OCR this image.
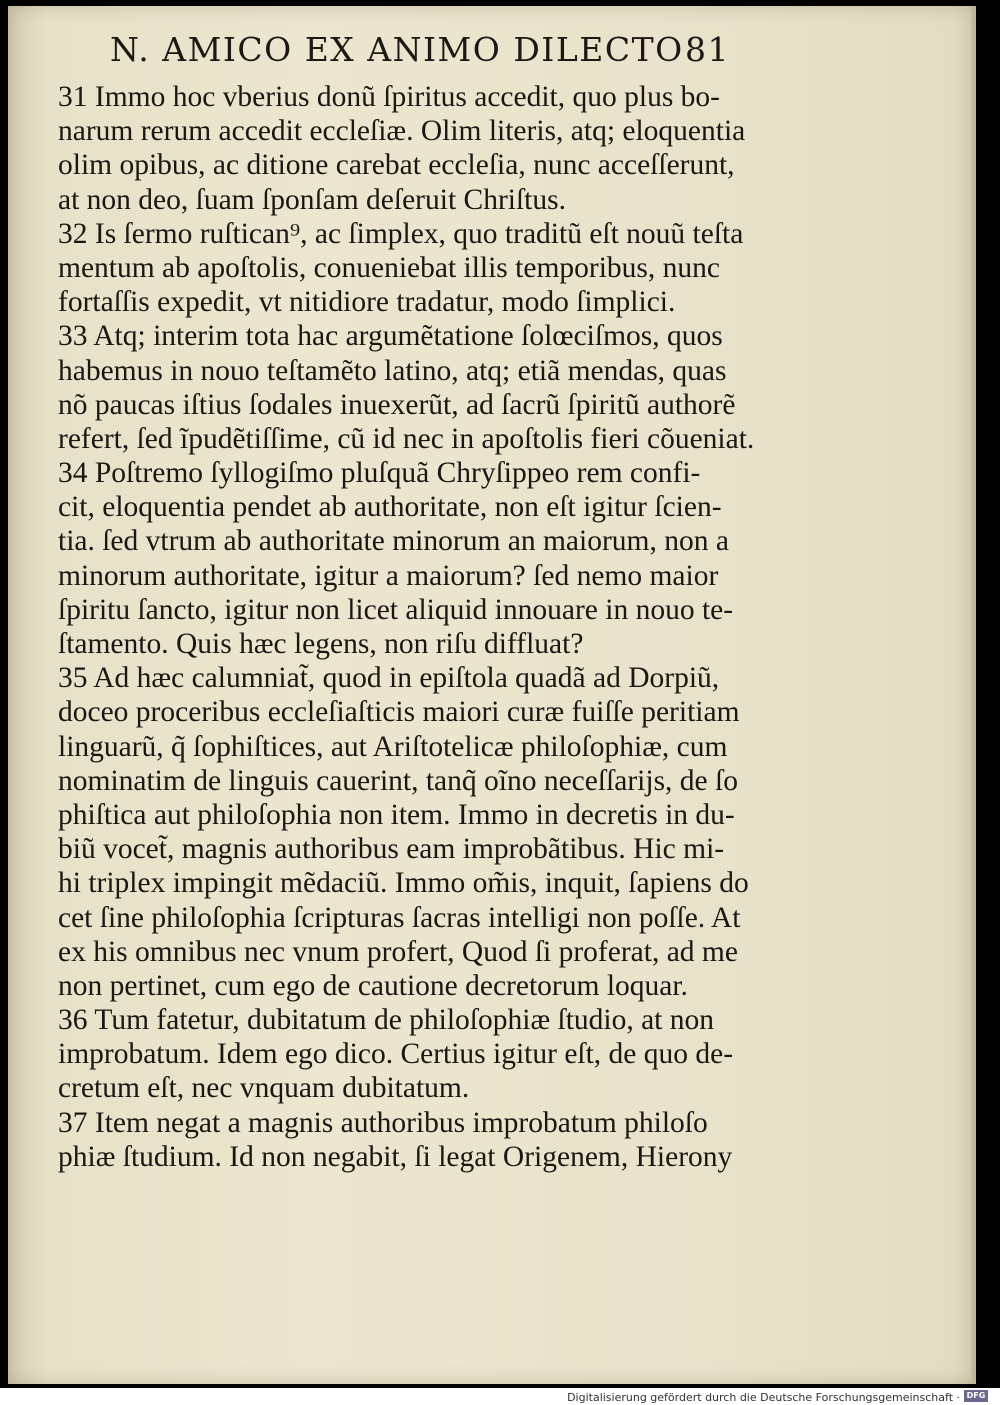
N. AMICO EX ANIMO DILECTO 81
31 Immo hoc vberius donũ ſpiritus accedit, quo plus bo‑
narum rerum accedit eccleſiæ. Olim literis, atq; eloquentia
olim opibus, ac ditione carebat eccleſia, nunc acceſſerunt,
at non deo, ſuam ſponſam deſeruit Chriſtus.
32 Is ſermo ruſtican⁹, ac ſimplex, quo traditũ eſt nouũ teſta
mentum ab apoſtolis, conueniebat illis temporibus, nunc
fortaſſis expedit, vt nitidiore tradatur, modo ſimplici.
33 Atq; interim tota hac argumẽtatione ſolœciſmos, quos
habemus in nouo teſtamẽto latino, atq; etiã mendas, quas
nõ paucas iſtius ſodales inuexerũt, ad ſacrũ ſpiritũ authorẽ
refert, ſed ĩpudẽtiſſime, cũ id nec in apoſtolis fieri cõueniat.
34 Poſtremo ſyllogiſmo pluſquã Chryſippeo rem confi‑
cit, eloquentia pendet ab authoritate, non eſt igitur ſcien‑
tia. ſed vtrum ab authoritate minorum an maiorum, non a
minorum authoritate, igitur a maiorum? ſed nemo maior
ſpiritu ſancto, igitur non licet aliquid innouare in nouo te‑
ſtamento. Quis hæc legens, non riſu diffluat?
35 Ad hæc calumniat̃, quod in epiſtola quadã ad Dorpiũ,
doceo proceribus eccleſiaſticis maiori curæ fuiſſe peritiam
linguarũ, q̃ ſophiſtices, aut Ariſtotelicæ philoſophiæ, cum
nominatim de linguis cauerint, tanq̃ oĩno neceſſarijs, de ſo
phiſtica aut philoſophia non item. Immo in decretis in du‑
biũ vocet̃, magnis authoribus eam improbãtibus. Hic mi‑
hi triplex impingit mẽdaciũ. Immo om̃is, inquit, ſapiens do
cet ſine philoſophia ſcripturas ſacras intelligi non poſſe. At
ex his omnibus nec vnum profert, Quod ſi proferat, ad me
non pertinet, cum ego de cautione decretorum loquar.
36 Tum fatetur, dubitatum de philoſophiæ ſtudio, at non
improbatum. Idem ego dico. Certius igitur eſt, de quo de‑
cretum eſt, nec vnquam dubitatum.
37 Item negat a magnis authoribus improbatum philoſo
phiæ ſtudium. Id non negabit, ſi legat Origenem, Hierony
Digitalisierung gefördert durch die Deutsche Forschungsgemeinschaft · DFG
